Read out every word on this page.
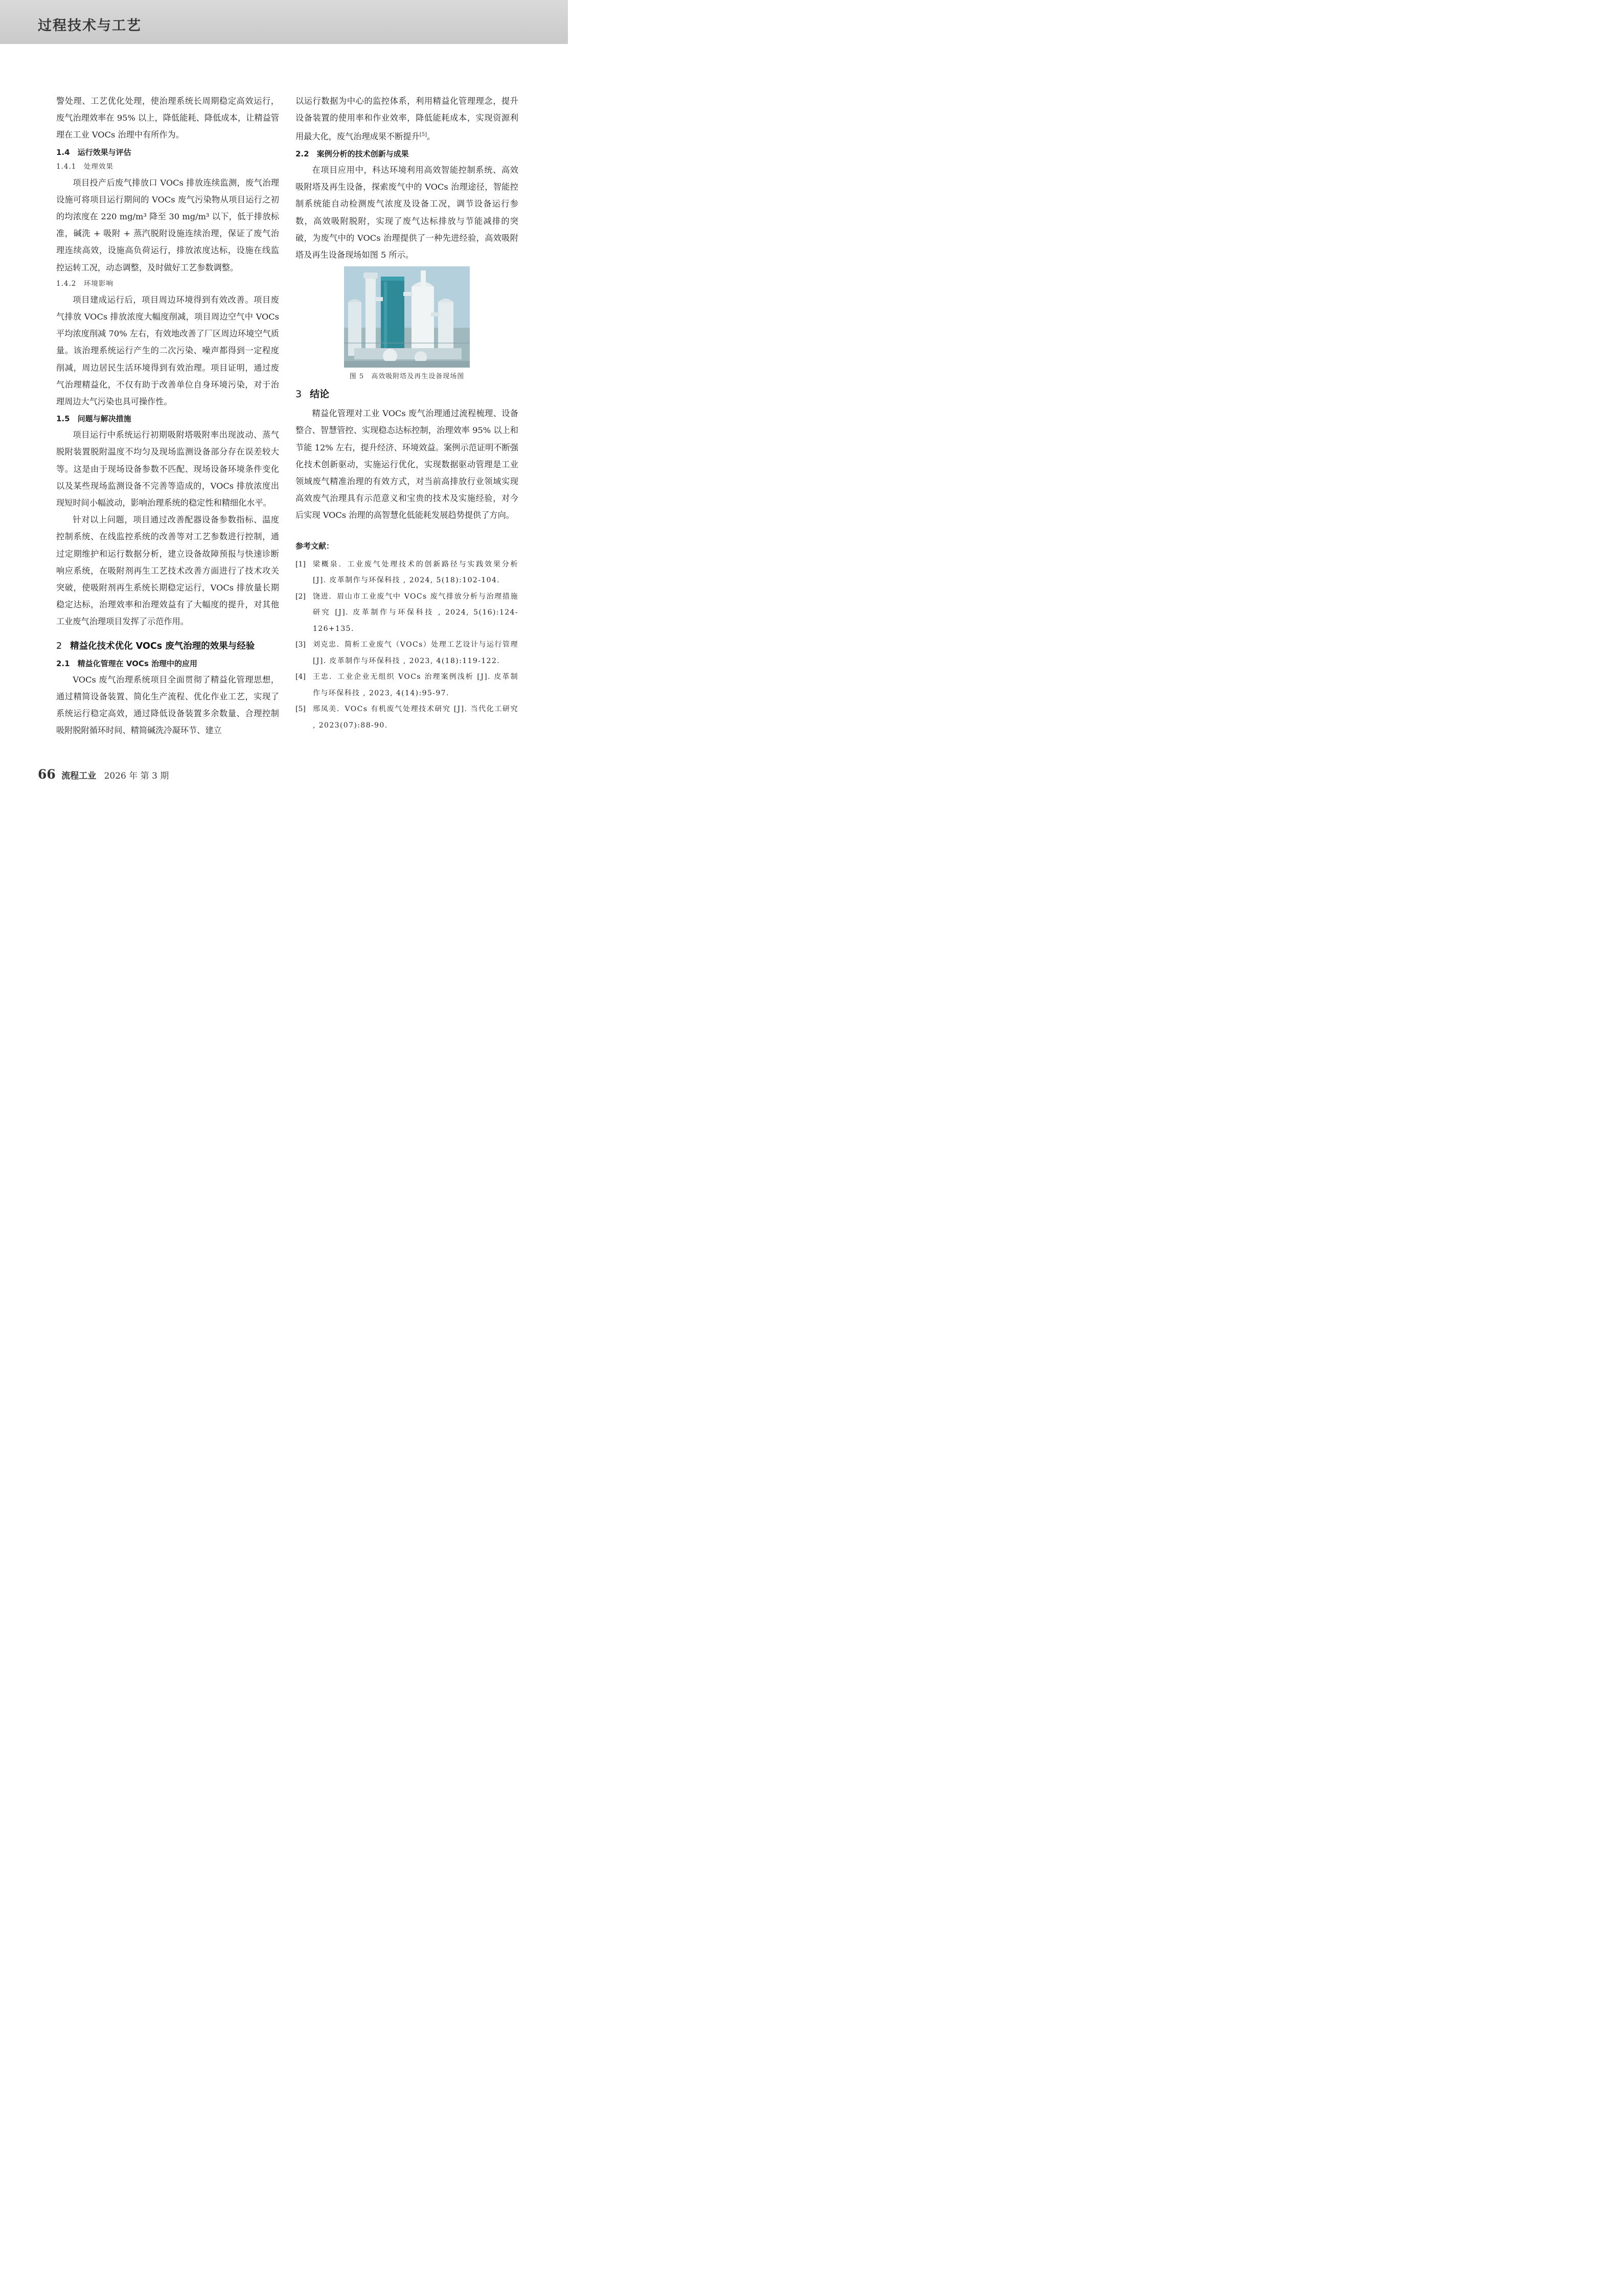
过程技术与工艺

警处理、工艺优化处理，使治理系统长周期稳定高效运行，废气治理效率在 95% 以上，降低能耗、降低成本，让精益管理在工业 VOCs 治理中有所作为。

1.4　运行效果与评估
1.4.1　处理效果

项目投产后废气排放口 VOCs 排放连续监测，废气治理设施可将项目运行期间的 VOCs 废气污染物从项目运行之初的均浓度在 220 mg/m³ 降至 30 mg/m³ 以下，低于排放标准，碱洗 + 吸附 + 蒸汽脱附设施连续治理，保证了废气治理连续高效，设施高负荷运行，排放浓度达标，设施在线监控运转工况，动态调整，及时做好工艺参数调整。

1.4.2　环境影响

项目建成运行后，项目周边环境得到有效改善。项目废气排放 VOCs 排放浓度大幅度削减，项目周边空气中 VOCs 平均浓度削减 70% 左右，有效地改善了厂区周边环境空气质量。该治理系统运行产生的二次污染、噪声都得到一定程度削减，周边居民生活环境得到有效治理。项目证明，通过废气治理精益化，不仅有助于改善单位自身环境污染，对于治理周边大气污染也具可操作性。

1.5　问题与解决措施

项目运行中系统运行初期吸附塔吸附率出现波动、蒸气脱附装置脱附温度不均匀及现场监测设备部分存在误差较大等。这是由于现场设备参数不匹配、现场设备环境条件变化以及某些现场监测设备不完善等造成的，VOCs 排放浓度出现短时间小幅波动，影响治理系统的稳定性和精细化水平。

针对以上问题，项目通过改善配器设备参数指标、温度控制系统、在线监控系统的改善等对工艺参数进行控制，通过定期维护和运行数据分析，建立设备故障预报与快速诊断响应系统，在吸附剂再生工艺技术改善方面进行了技术攻关突破，使吸附剂再生系统长期稳定运行，VOCs 排放量长期稳定达标，治理效率和治理效益有了大幅度的提升，对其他工业废气治理项目发挥了示范作用。

2 精益化技术优化 VOCs 废气治理的效果与经验
2.1　精益化管理在 VOCs 治理中的应用

VOCs 废气治理系统项目全面贯彻了精益化管理思想，通过精简设备装置、简化生产流程、优化作业工艺，实现了系统运行稳定高效，通过降低设备装置多余数量、合理控制吸附脱附循环时间、精简碱洗冷凝环节、建立

以运行数据为中心的监控体系，利用精益化管理理念，提升设备装置的使用率和作业效率，降低能耗成本，实现资源利用最大化，废气治理成果不断提升[5]。

2.2　案例分析的技术创新与成果

在项目应用中，科达环境利用高效智能控制系统、高效吸附塔及再生设备，探索废气中的 VOCs 治理途径，智能控制系统能自动检测废气浓度及设备工况，调节设备运行参数，高效吸附脱附，实现了废气达标排放与节能减排的突破，为废气中的 VOCs 治理提供了一种先进经验，高效吸附塔及再生设备现场如图 5 所示。

图 5　高效吸附塔及再生设备现场图
3 结论

精益化管理对工业 VOCs 废气治理通过流程梳理、设备整合、智慧管控、实现稳态达标控制，治理效率 95% 以上和节能 12% 左右，提升经济、环境效益。案例示范证明不断强化技术创新驱动，实施运行优化，实现数据驱动管理是工业领域废气精准治理的有效方式，对当前高排放行业领域实现高效废气治理具有示范意义和宝贵的技术及实施经验，对今后实现 VOCs 治理的高智慧化低能耗发展趋势提供了方向。

参考文献：
[1]	梁概泉．工业废气处理技术的创新路径与实践效果分析 [J]. 皮革制作与环保科技 , 2024, 5(18):102-104.
[2]	饶进．眉山市工业废气中 VOCs 废气排放分析与治理措施研究 [J]. 皮革制作与环保科技 , 2024, 5(16):124-126+135.
[3]	刘克忠．简析工业废气（VOCs）处理工艺设计与运行管理 [J]. 皮革制作与环保科技 , 2023, 4(18):119-122.
[4]	王忠．工业企业无组织 VOCs 治理案例浅析 [J]. 皮革制作与环保科技 , 2023, 4(14):95-97.
[5]	邢凤美．VOCs 有机废气处理技术研究 [J]. 当代化工研究 , 2023(07):88-90.
66 流程工业 2026 年 第 3 期
